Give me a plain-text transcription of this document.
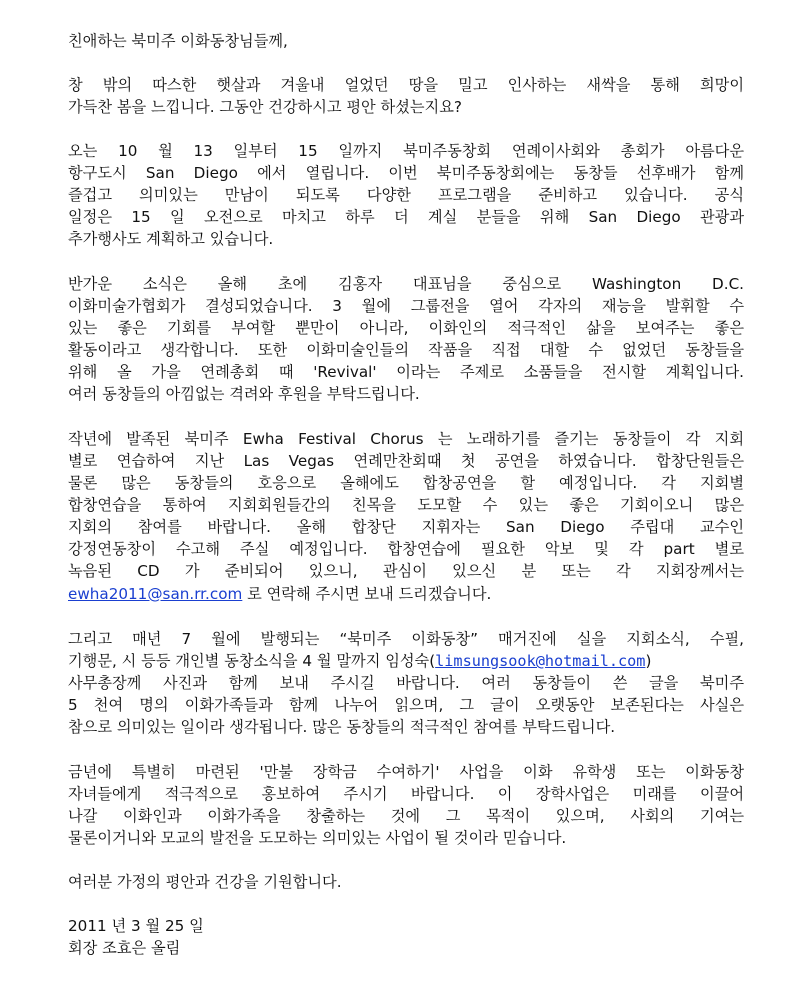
친애하는 북미주 이화동창님들께,
창 밖의 따스한 햇살과 겨울내 얼었던 땅을 밀고 인사하는 새싹을 통해 희망이
가득찬 봄을 느낍니다. 그동안 건강하시고 평안 하셨는지요?
오는 10 월 13 일부터 15 일까지 북미주동창회 연례이사회와 총회가 아름다운
항구도시 San Diego 에서 열립니다. 이번 북미주동창회에는 동창들 선후배가 함께
즐겁고 의미있는 만남이 되도록 다양한 프로그램을 준비하고 있습니다. 공식
일정은 15 일 오전으로 마치고 하루 더 계실 분들을 위해 San Diego 관광과
추가행사도 계획하고 있습니다.
반가운 소식은 올해 초에 김홍자 대표님을 중심으로 Washington D.C.
이화미술가협회가 결성되었습니다. 3 월에 그룹전을 열어 각자의 재능을 발휘할 수
있는 좋은 기회를 부여할 뿐만이 아니라, 이화인의 적극적인 삶을 보여주는 좋은
활동이라고 생각합니다. 또한 이화미술인들의 작품을 직접 대할 수 없었던 동창들을
위해 올 가을 연례총회 때 'Revival' 이라는 주제로 소품들을 전시할 계획입니다.
여러 동창들의 아낌없는 격려와 후원을 부탁드립니다.
작년에 발족된 북미주 Ewha Festival Chorus 는 노래하기를 즐기는 동창들이 각 지회
별로 연습하여 지난 Las Vegas 연례만찬회때 첫 공연을 하였습니다. 합창단원들은
물론 많은 동창들의 호응으로 올해에도 합창공연을 할 예정입니다. 각 지회별
합창연습을 통하여 지회회원들간의 친목을 도모할 수 있는 좋은 기회이오니 많은
지회의 참여를 바랍니다. 올해 합창단 지휘자는 San Diego 주립대 교수인
강정연동창이 수고해 주실 예정입니다. 합창연습에 필요한 악보 및 각 part 별로
녹음된 CD 가 준비되어 있으니, 관심이 있으신 분 또는 각 지회장께서는
ewha2011@san.rr.com 로 연락해 주시면 보내 드리겠습니다.
그리고 매년 7 월에 발행되는 “북미주 이화동창” 매거진에 실을 지회소식, 수필,
기행문, 시 등등 개인별 동창소식을 4 월 말까지 임성숙(limsungsook@hotmail.com)
사무총장께 사진과 함께 보내 주시길 바랍니다. 여러 동창들이 쓴 글을 북미주
5 천여 명의 이화가족들과 함께 나누어 읽으며, 그 글이 오랫동안 보존된다는 사실은
참으로 의미있는 일이라 생각됩니다. 많은 동창들의 적극적인 참여를 부탁드립니다.
금년에 특별히 마련된 '만불 장학금 수여하기' 사업을 이화 유학생 또는 이화동창
자녀들에게 적극적으로 홍보하여 주시기 바랍니다. 이 장학사업은 미래를 이끌어
나갈 이화인과 이화가족을 창출하는 것에 그 목적이 있으며, 사회의 기여는
물론이거니와 모교의 발전을 도모하는 의미있는 사업이 될 것이라 믿습니다.
여러분 가정의 평안과 건강을 기원합니다.
2011 년 3 월 25 일
회장 조효은 올림
